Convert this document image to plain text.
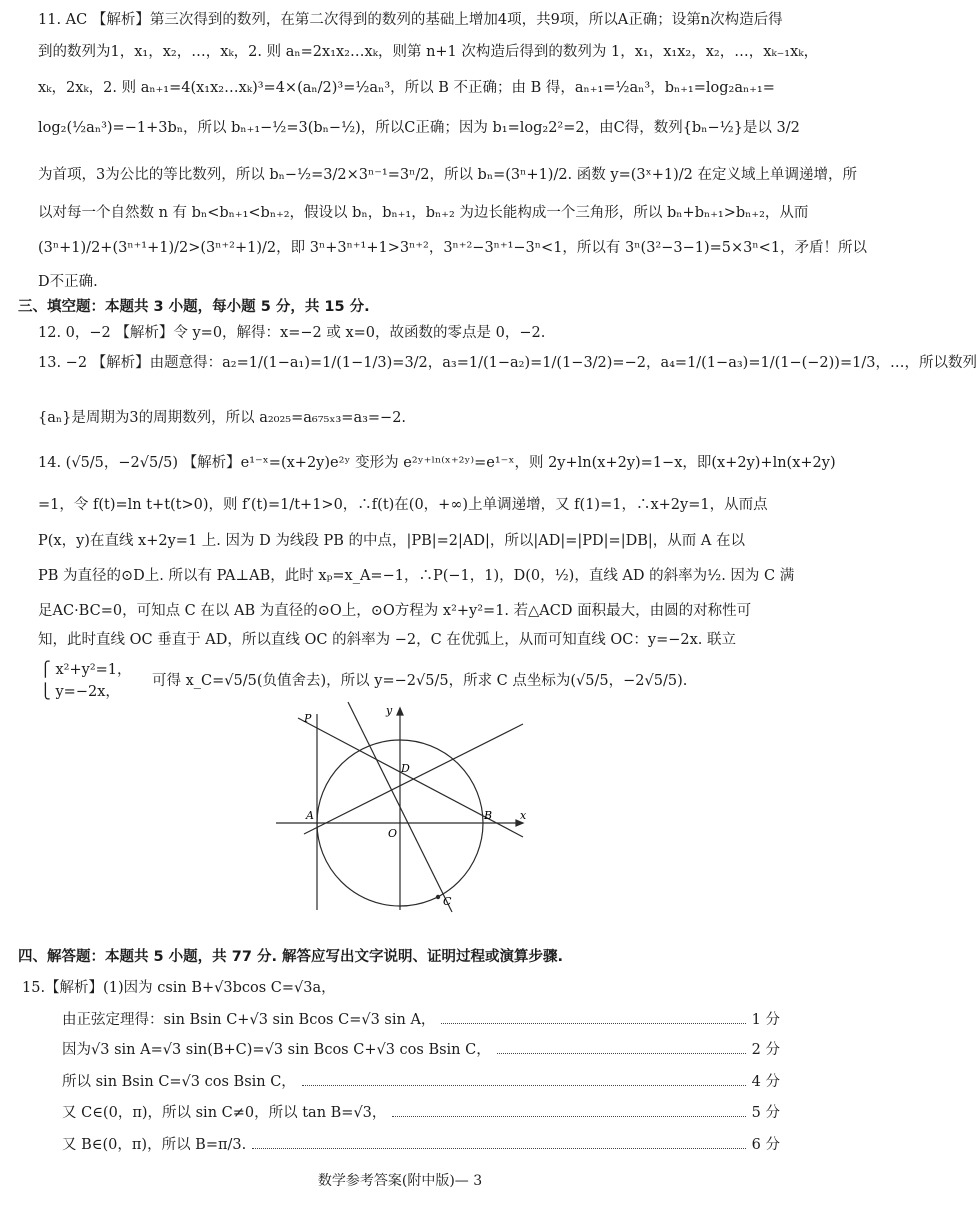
11. AC 【解析】第三次得到的数列，在第二次得到的数列的基础上增加4项，共9项，所以A正确；设第n次构造后得
到的数列为1，x₁，x₂，…，xₖ，2. 则 aₙ=2x₁x₂…xₖ，则第 n+1 次构造后得到的数列为 1，x₁，x₁x₂，x₂，…，xₖ₋₁xₖ，
xₖ，2xₖ，2. 则 aₙ₊₁=4(x₁x₂…xₖ)³=4×(aₙ/2)³=½aₙ³，所以 B 不正确；由 B 得，aₙ₊₁=½aₙ³，bₙ₊₁=log₂aₙ₊₁=
log₂(½aₙ³)=−1+3bₙ，所以 bₙ₊₁−½=3(bₙ−½)，所以C正确；因为 b₁=log₂2²=2，由C得，数列{bₙ−½}是以 3/2
为首项，3为公比的等比数列，所以 bₙ−½=3/2×3ⁿ⁻¹=3ⁿ/2，所以 bₙ=(3ⁿ+1)/2. 函数 y=(3ˣ+1)/2 在定义域上单调递增，所
以对每一个自然数 n 有 bₙ<bₙ₊₁<bₙ₊₂，假设以 bₙ，bₙ₊₁，bₙ₊₂ 为边长能构成一个三角形，所以 bₙ+bₙ₊₁>bₙ₊₂，从而
(3ⁿ+1)/2+(3ⁿ⁺¹+1)/2>(3ⁿ⁺²+1)/2，即 3ⁿ+3ⁿ⁺¹+1>3ⁿ⁺²，3ⁿ⁺²−3ⁿ⁺¹−3ⁿ<1，所以有 3ⁿ(3²−3−1)=5×3ⁿ<1，矛盾！所以
D不正确.
三、填空题：本题共 3 小题，每小题 5 分，共 15 分.
12. 0，−2 【解析】令 y=0，解得：x=−2 或 x=0，故函数的零点是 0，−2.
13. −2 【解析】由题意得：a₂=1/(1−a₁)=1/(1−1/3)=3/2，a₃=1/(1−a₂)=1/(1−3/2)=−2，a₄=1/(1−a₃)=1/(1−(−2))=1/3，…，所以数列
{aₙ}是周期为3的周期数列，所以 a₂₀₂₅=a₆₇₅ₓ₃=a₃=−2.
14. (√5/5，−2√5/5) 【解析】e¹⁻ˣ=(x+2y)e²ʸ 变形为 e²ʸ⁺ˡⁿ⁽ˣ⁺²ʸ⁾=e¹⁻ˣ，则 2y+ln(x+2y)=1−x，即(x+2y)+ln(x+2y)
=1，令 f(t)=ln t+t(t>0)，则 f′(t)=1/t+1>0，∴f(t)在(0，+∞)上单调递增，又 f(1)=1，∴x+2y=1，从而点
P(x，y)在直线 x+2y=1 上. 因为 D 为线段 PB 的中点，|PB|=2|AD|，所以|AD|=|PD|=|DB|，从而 A 在以
PB 为直径的⊙D上. 所以有 PA⊥AB，此时 xₚ=x_A=−1，∴P(−1，1)，D(0，½)，直线 AD 的斜率为½. 因为 C 满
足AC·BC=0，可知点 C 在以 AB 为直径的⊙O上，⊙O方程为 x²+y²=1. 若△ACD 面积最大，由圆的对称性可
知，此时直线 OC 垂直于 AD，所以直线 OC 的斜率为 −2，C 在优弧上，从而可知直线 OC：y=−2x. 联立
⎧ x²+y²=1，
⎩ y=−2x，
可得 x_C=√5/5(负值舍去)，所以 y=−2√5/5，所求 C 点坐标为(√5/5，−2√5/5).
P
y
D
A	B
O
x
C
四、解答题：本题共 5 小题，共 77 分. 解答应写出文字说明、证明过程或演算步骤.
15.【解析】(1)因为 csin B+√3bcos C=√3a，
由正弦定理得：sin Bsin C+√3 sin Bcos C=√3 sin A，	1 分
因为√3 sin A=√3 sin(B+C)=√3 sin Bcos C+√3 cos Bsin C，	2 分
所以 sin Bsin C=√3 cos Bsin C，	4 分
又 C∈(0，π)，所以 sin C≠0，所以 tan B=√3，	5 分
又 B∈(0，π)，所以 B=π/3.	6 分
数学参考答案(附中版)— 3
